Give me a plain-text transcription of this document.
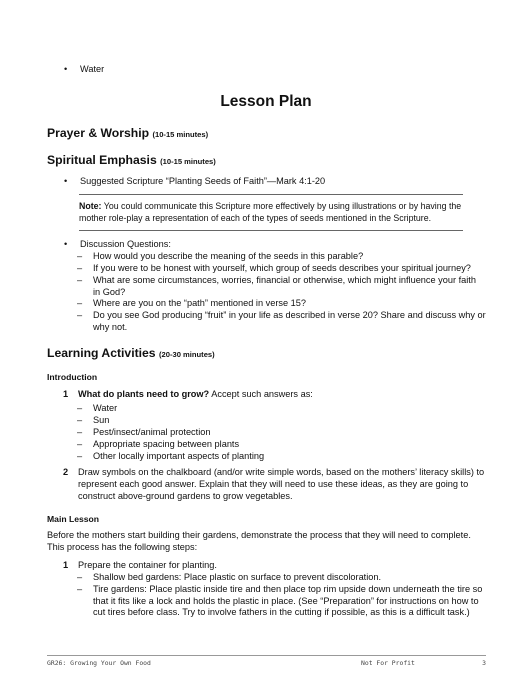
• Water
Lesson Plan
Prayer & Worship (10-15 minutes)
Spiritual Emphasis (10-15 minutes)
• Suggested Scripture “Planting Seeds of Faith”—Mark 4:1-20
Note: You could communicate this Scripture more effectively by using illustrations or by having the mother role-play a representation of each of the types of seeds mentioned in the Scripture.
• Discussion Questions:
– How would you describe the meaning of the seeds in this parable?
– If you were to be honest with yourself, which group of seeds describes your spiritual journey?
– What are some circumstances, worries, financial or otherwise, which might influence your faith in God?
– Where are you on the “path” mentioned in verse 15?
– Do you see God producing “fruit” in your life as described in verse 20? Share and discuss why or why not.
Learning Activities (20-30 minutes)
Introduction
1 What do plants need to grow? Accept such answers as:
– Water
– Sun
– Pest/insect/animal protection
– Appropriate spacing between plants
– Other locally important aspects of planting
2 Draw symbols on the chalkboard (and/or write simple words, based on the mothers’ literacy skills) to represent each good answer. Explain that they will need to use these ideas, as they are going to construct above-ground gardens to grow vegetables.
Main Lesson
Before the mothers start building their gardens, demonstrate the process that they will need to complete. This process has the following steps:
1 Prepare the container for planting.
– Shallow bed gardens: Place plastic on surface to prevent discoloration.
– Tire gardens: Place plastic inside tire and then place top rim upside down underneath the tire so that it fits like a lock and holds the plastic in place. (See “Preparation” for instructions on how to cut tires before class. Try to involve fathers in the cutting if possible, as this is a difficult task.)
GR26: Growing Your Own Food	Not For Profit	3
